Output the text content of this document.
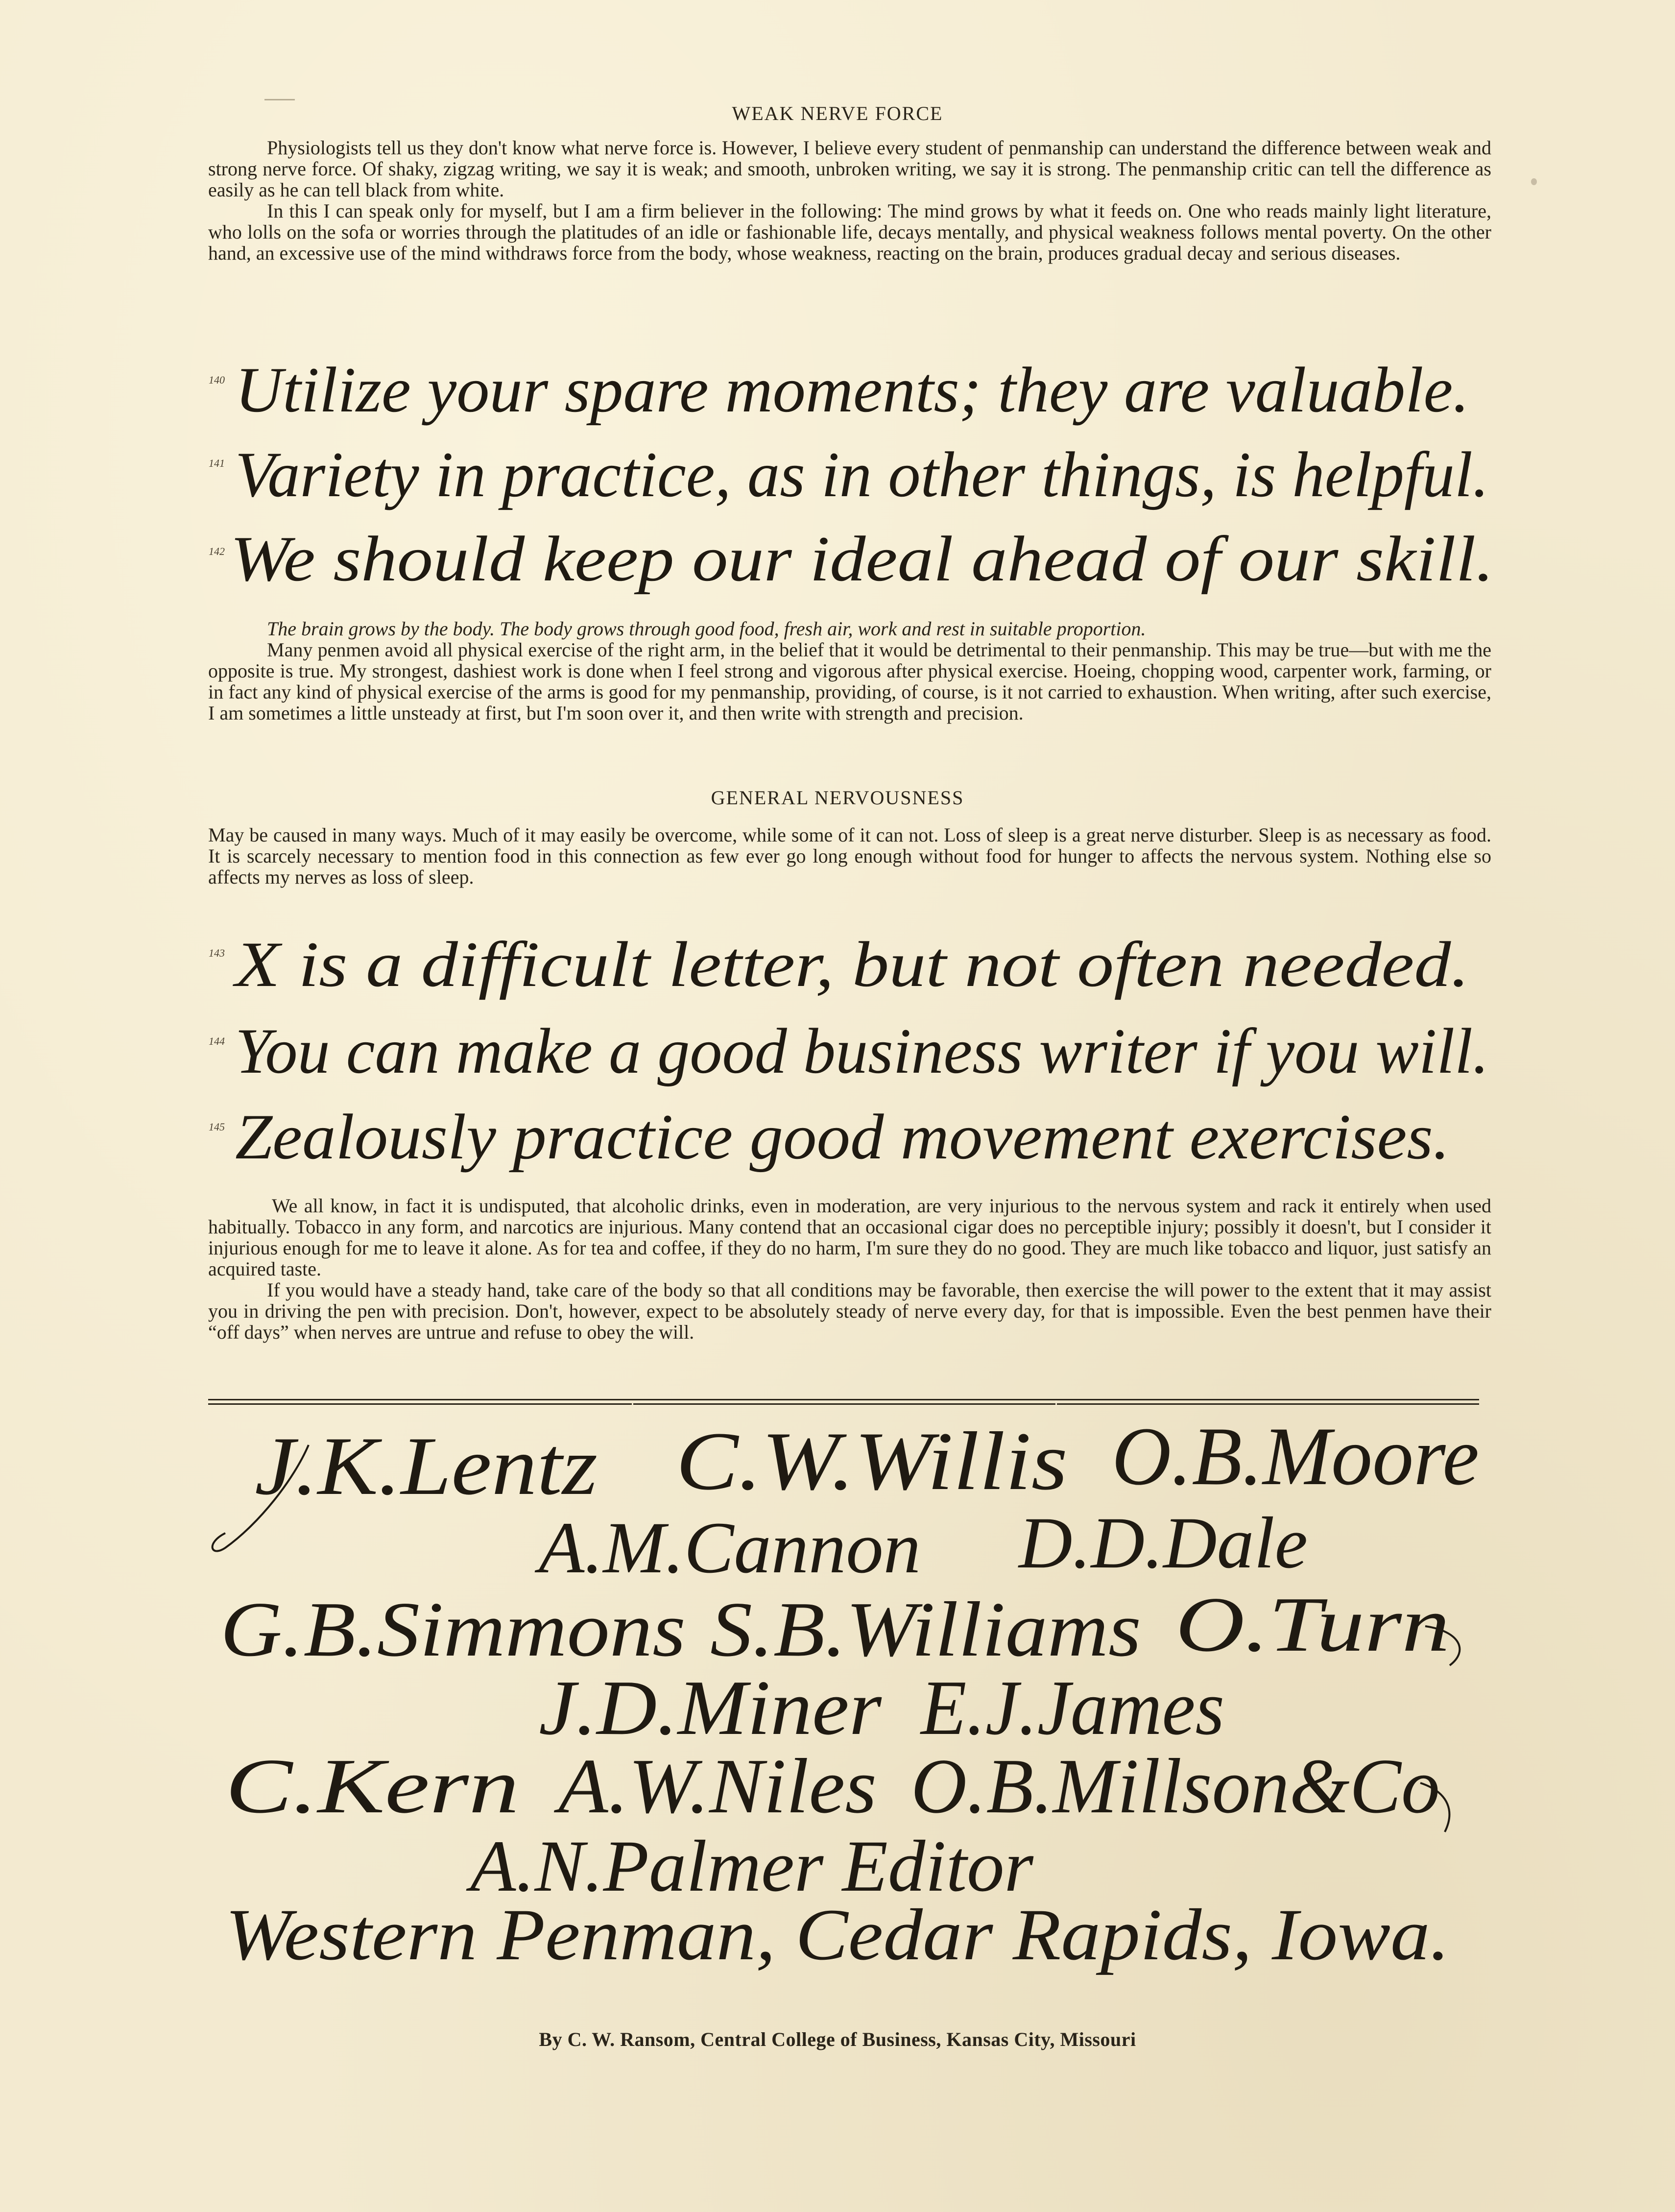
WEAK NERVE FORCE

Physiologists tell us they don't know what nerve force is. However, I believe every student of penmanship can understand the difference between weak and strong nerve force. Of shaky, zigzag writing, we say it is weak; and smooth, unbroken writing, we say it is strong. The penmanship critic can tell the difference as easily as he can tell black from white.

In this I can speak only for myself, but I am a firm believer in the following: The mind grows by what it feeds on. One who reads mainly light literature, who lolls on the sofa or worries through the platitudes of an idle or fashionable life, decays mentally, and physical weakness follows mental poverty. On the other hand, an excessive use of the mind withdraws force from the body, whose weakness, reacting on the brain, produces gradual decay and serious diseases.

140 Utilize your spare moments; they are valuable.
141 Variety in practice, as in other things, is helpful.
142 We should keep our ideal ahead of our skill.

The brain grows by the body. The body grows through good food, fresh air, work and rest in suitable proportion.

Many penmen avoid all physical exercise of the right arm, in the belief that it would be detrimental to their penmanship. This may be true—but with me the opposite is true. My strongest, dashiest work is done when I feel strong and vigorous after physical exercise. Hoeing, chopping wood, carpenter work, farming, or in fact any kind of physical exercise of the arms is good for my penmanship, providing, of course, is it not carried to exhaustion. When writing, after such exercise, I am sometimes a little unsteady at first, but I'm soon over it, and then write with strength and precision.

GENERAL NERVOUSNESS

May be caused in many ways. Much of it may easily be overcome, while some of it can not. Loss of sleep is a great nerve disturber. Sleep is as necessary as food. It is scarcely necessary to mention food in this connection as few ever go long enough without food for hunger to affects the nervous system. Nothing else so affects my nerves as loss of sleep.

143 X is a difficult letter, but not often needed.
144 You can make a good business writer if you will.
145 Zealously practice good movement exercises.

We all know, in fact it is undisputed, that alcoholic drinks, even in moderation, are very injurious to the nervous system and rack it entirely when used habitually. Tobacco in any form, and narcotics are injurious. Many contend that an occasional cigar does no perceptible injury; possibly it doesn't, but I consider it injurious enough for me to leave it alone. As for tea and coffee, if they do no harm, I'm sure they do no good. They are much like tobacco and liquor, just satisfy an acquired taste.

If you would have a steady hand, take care of the body so that all conditions may be favorable, then exercise the will power to the extent that it may assist you in driving the pen with precision. Don't, however, expect to be absolutely steady of nerve every day, for that is impossible. Even the best penmen have their “off days” when nerves are untrue and refuse to obey the will.

J.K.Lentz C.W.Willis O.B.Moore
A.M.Cannon D.D.Dale
G.B.Simmons S.B.Williams O.Turn
J.D.Miner E.J.James
C.Kern A.W.Niles O.B.Millson&Co
A.N.Palmer Editor
Western Penman, Cedar Rapids, Iowa.
By C. W. Ransom, Central College of Business, Kansas City, Missouri
